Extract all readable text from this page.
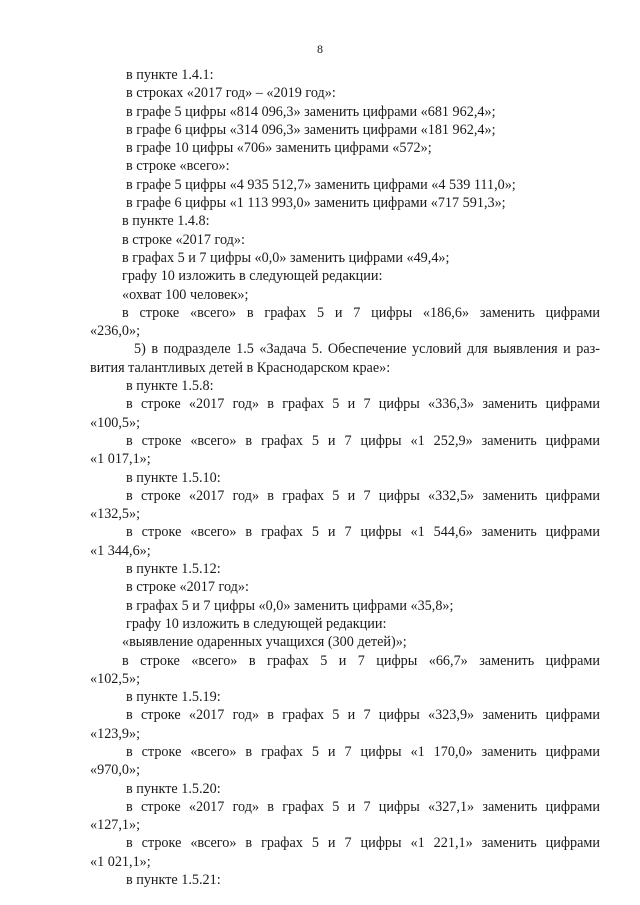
8
в пункте 1.4.1:
в строках «2017 год» – «2019 год»:
в графе 5 цифры «814 096,3» заменить цифрами «681 962,4»;
в графе 6 цифры «314 096,3» заменить цифрами «181 962,4»;
в графе 10 цифры «706» заменить цифрами «572»;
в строке «всего»:
в графе 5 цифры «4 935 512,7» заменить цифрами «4 539 111,0»;
в графе 6 цифры «1 113 993,0» заменить цифрами «717 591,3»;
в пункте 1.4.8:
в строке «2017 год»:
в графах 5 и 7 цифры «0,0» заменить цифрами «49,4»;
графу 10 изложить в следующей редакции:
«охват 100 человек»;
в строке «всего» в графах 5 и 7 цифры «186,6» заменить цифрами
«236,0»;
5) в подразделе 1.5 «Задача 5. Обеспечение условий для выявления и раз-
вития талантливых детей в Краснодарском крае»:
в пункте 1.5.8:
в строке «2017 год» в графах 5 и 7 цифры «336,3» заменить цифрами
«100,5»;
в строке «всего» в графах 5 и 7 цифры «1 252,9» заменить цифрами
«1 017,1»;
в пункте 1.5.10:
в строке «2017 год» в графах 5 и 7 цифры «332,5» заменить цифрами
«132,5»;
в строке «всего» в графах 5 и 7 цифры «1 544,6» заменить цифрами
«1 344,6»;
в пункте 1.5.12:
в строке «2017 год»:
в графах 5 и 7 цифры «0,0» заменить цифрами «35,8»;
графу 10 изложить в следующей редакции:
«выявление одаренных учащихся (300 детей)»;
в строке «всего» в графах 5 и 7 цифры «66,7» заменить цифрами
«102,5»;
в пункте 1.5.19:
в строке «2017 год» в графах 5 и 7 цифры «323,9» заменить цифрами
«123,9»;
в строке «всего» в графах 5 и 7 цифры «1 170,0» заменить цифрами
«970,0»;
в пункте 1.5.20:
в строке «2017 год» в графах 5 и 7 цифры «327,1» заменить цифрами
«127,1»;
в строке «всего» в графах 5 и 7 цифры «1 221,1» заменить цифрами
«1 021,1»;
в пункте 1.5.21:
